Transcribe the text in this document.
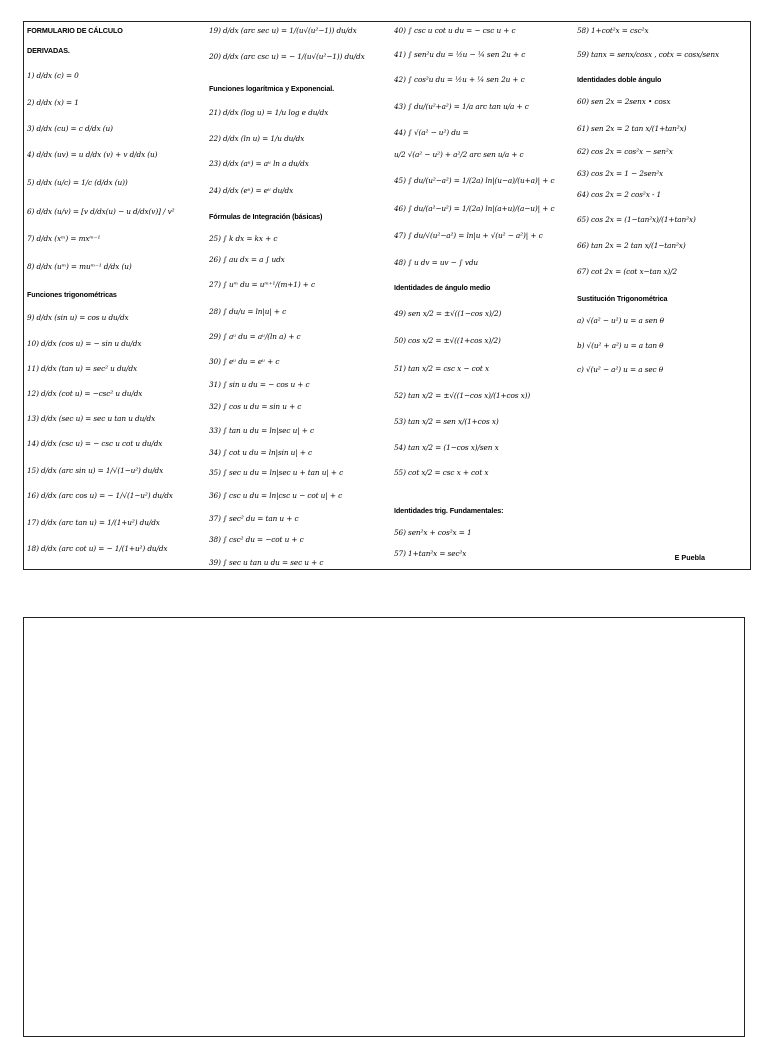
FORMULARIO DE CÁLCULO
DERIVADAS.
1) d/dx (c) = 0
2) d/dx (x) = 1
3) d/dx (cu) = c d/dx (u)
4) d/dx (uv) = u d/dx (v) + v d/dx (u)
5) d/dx (u/c) = 1/c (d/dx (u))
6) d/dx (u/v) = [v d/dx(u) − u d/dx(v)] / v²
7) d/dx (xᵐ) = mxᵐ⁻¹
8) d/dx (uᵐ) = muᵐ⁻¹ d/dx (u)
Funciones trigonométricas
9) d/dx (sin u) = cos u du/dx
10) d/dx (cos u) = − sin u du/dx
11) d/dx (tan u) = sec² u du/dx
12) d/dx (cot u) = −csc² u du/dx
13) d/dx (sec u) = sec u tan u du/dx
14) d/dx (csc u) = − csc u cot u du/dx
15) d/dx (arc sin u) = 1/√(1−u²) du/dx
16) d/dx (arc cos u) = − 1/√(1−u²) du/dx
17) d/dx (arc tan u) = 1/(1+u²) du/dx
18) d/dx (arc cot u) = − 1/(1+u²) du/dx
19) d/dx (arc sec u) = 1/(u√(u²−1)) du/dx
20) d/dx (arc csc u) = − 1/(u√(u²−1)) du/dx
Funciones logarítmica y Exponencial.
21) d/dx (log u) = 1/u log e du/dx
22) d/dx (ln u) = 1/u du/dx
23) d/dx (aᵘ) = aᵘ ln a du/dx
24) d/dx (eᵘ) = eᵘ du/dx
Fórmulas de Integración (básicas)
25) ∫ k dx = kx + c
26) ∫ au dx = a ∫ udx
27) ∫ uᵐ du = uᵐ⁺¹/(m+1) + c
28) ∫ du/u = ln|u| + c
29) ∫ aᵘ du = aᵘ/(ln a) + c
30) ∫ eᵘ du = eᵘ + c
31) ∫ sin u du = − cos u + c
32) ∫ cos u du = sin u + c
33) ∫ tan u du = ln|sec u| + c
34) ∫ cot u du = ln|sin u| + c
35) ∫ sec u du = ln|sec u + tan u| + c
36) ∫ csc u du = ln|csc u − cot u| + c
37) ∫ sec² du = tan u + c
38) ∫ csc² du = −cot u + c
39) ∫ sec u tan u du = sec u + c
40) ∫ csc u cot u du = − csc u + c
41) ∫ sen²u du = ½u − ¼ sen 2u + c
42) ∫ cos²u du = ½u + ¼ sen 2u + c
43) ∫ du/(u²+a²) = 1/a arc tan u/a + c
44) ∫ √(a² − u²) du =
u/2 √(a² − u²) + a²/2 arc sen u/a + c
45) ∫ du/(u²−a²) = 1/(2a) ln|(u−a)/(u+a)| + c
46) ∫ du/(a²−u²) = 1/(2a) ln|(a+u)/(a−u)| + c
47) ∫ du/√(u²−a²) = ln|u + √(u² − a²)| + c
48) ∫ u dv = uv − ∫ vdu
Identidades de ángulo medio
49) sen x/2 = ±√((1−cos x)/2)
50) cos x/2 = ±√((1+cos x)/2)
51) tan x/2 = csc x − cot x
52) tan x/2 = ±√((1−cos x)/(1+cos x))
53) tan x/2 = sen x/(1+cos x)
54) tan x/2 = (1−cos x)/sen x
55) cot x/2 = csc x + cot x
Identidades trig. Fundamentales:
56) sen²x + cos²x = 1
57) 1+tan²x = sec²x
58) 1+cot²x = csc²x
59) tanx = senx/cosx , cotx = cosx/senx
Identidades doble ángulo
60) sen 2x = 2senx • cosx
61) sen 2x = 2 tan x/(1+tan²x)
62) cos 2x = cos²x − sen²x
63) cos 2x = 1 − 2sen²x
64) cos 2x = 2 cos²x - 1
65) cos 2x = (1−tan²x)/(1+tan²x)
66) tan 2x = 2 tan x/(1−tan²x)
67) cot 2x = (cot x−tan x)/2
Sustitución Trigonométrica
a) √(a² − u²) u = a sen θ
b) √(u² + a²) u = a tan θ
c) √(u² − a²) u = a sec θ
E Puebla
